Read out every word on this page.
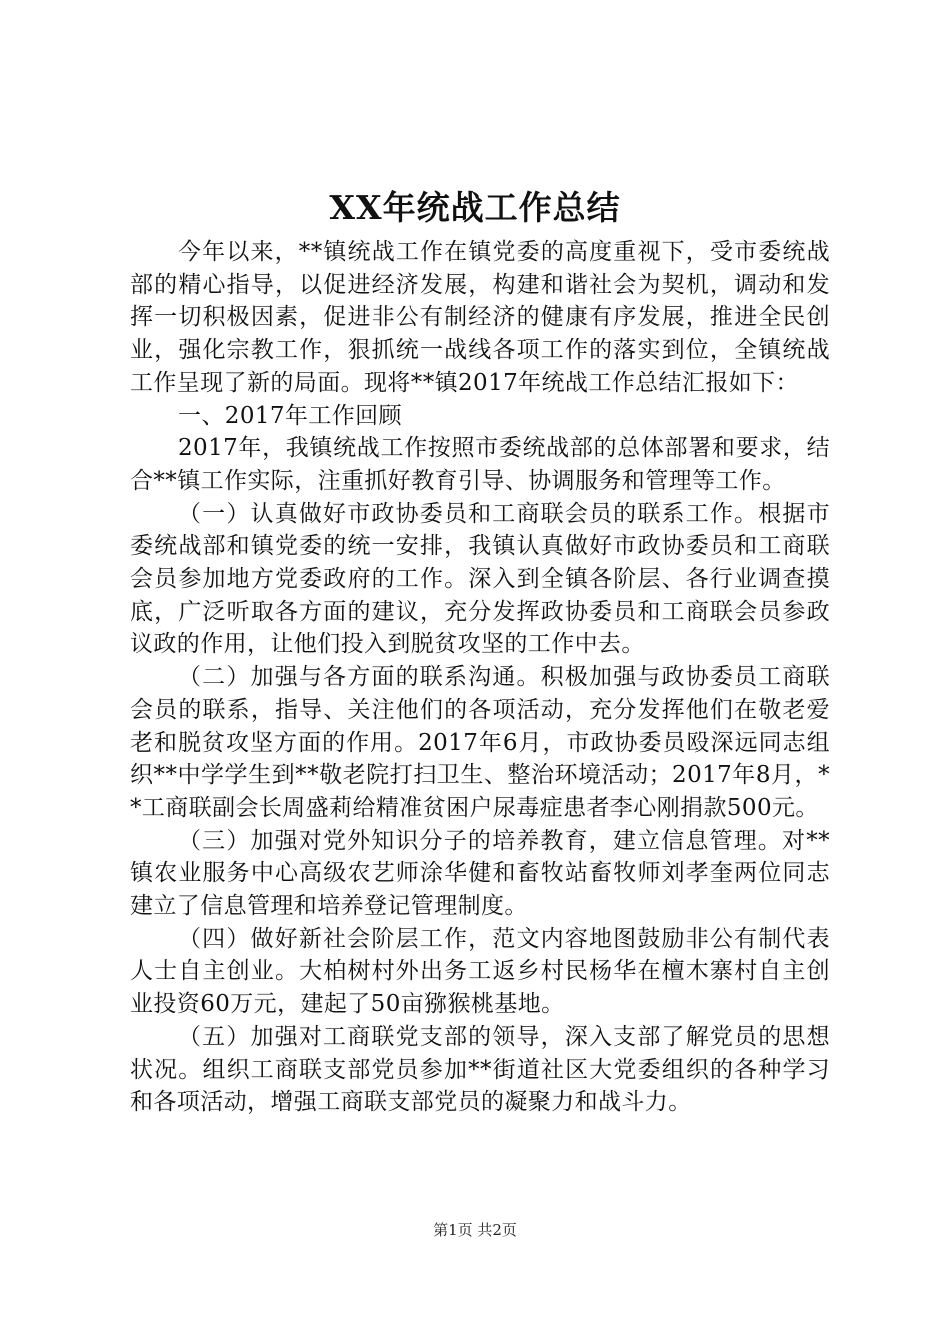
XX年统战工作总结

今年以来，**镇统战工作在镇党委的高度重视下，受市委统战部的精心指导，以促进经济发展，构建和谐社会为契机，调动和发挥一切积极因素，促进非公有制经济的健康有序发展，推进全民创业，强化宗教工作，狠抓统一战线各项工作的落实到位，全镇统战工作呈现了新的局面。现将**镇2017年统战工作总结汇报如下：

一、2017年工作回顾

2017年，我镇统战工作按照市委统战部的总体部署和要求，结合**镇工作实际，注重抓好教育引导、协调服务和管理等工作。

（一）认真做好市政协委员和工商联会员的联系工作。根据市委统战部和镇党委的统一安排，我镇认真做好市政协委员和工商联会员参加地方党委政府的工作。深入到全镇各阶层、各行业调查摸底，广泛听取各方面的建议，充分发挥政协委员和工商联会员参政议政的作用，让他们投入到脱贫攻坚的工作中去。

（二）加强与各方面的联系沟通。积极加强与政协委员工商联会员的联系，指导、关注他们的各项活动，充分发挥他们在敬老爱老和脱贫攻坚方面的作用。2017年6月，市政协委员殴深远同志组织**中学学生到**敬老院打扫卫生、整治环境活动；2017年8月，**工商联副会长周盛莉给精准贫困户尿毒症患者李心刚捐款500元。

（三）加强对党外知识分子的培养教育，建立信息管理。对**镇农业服务中心高级农艺师涂华健和畜牧站畜牧师刘孝奎两位同志建立了信息管理和培养登记管理制度。

（四）做好新社会阶层工作，范文内容地图鼓励非公有制代表人士自主创业。大柏树村外出务工返乡村民杨华在檀木寨村自主创业投资60万元，建起了50亩猕猴桃基地。

（五）加强对工商联党支部的领导，深入支部了解党员的思想状况。组织工商联支部党员参加**街道社区大党委组织的各种学习和各项活动，增强工商联支部党员的凝聚力和战斗力。

第1页 共2页
